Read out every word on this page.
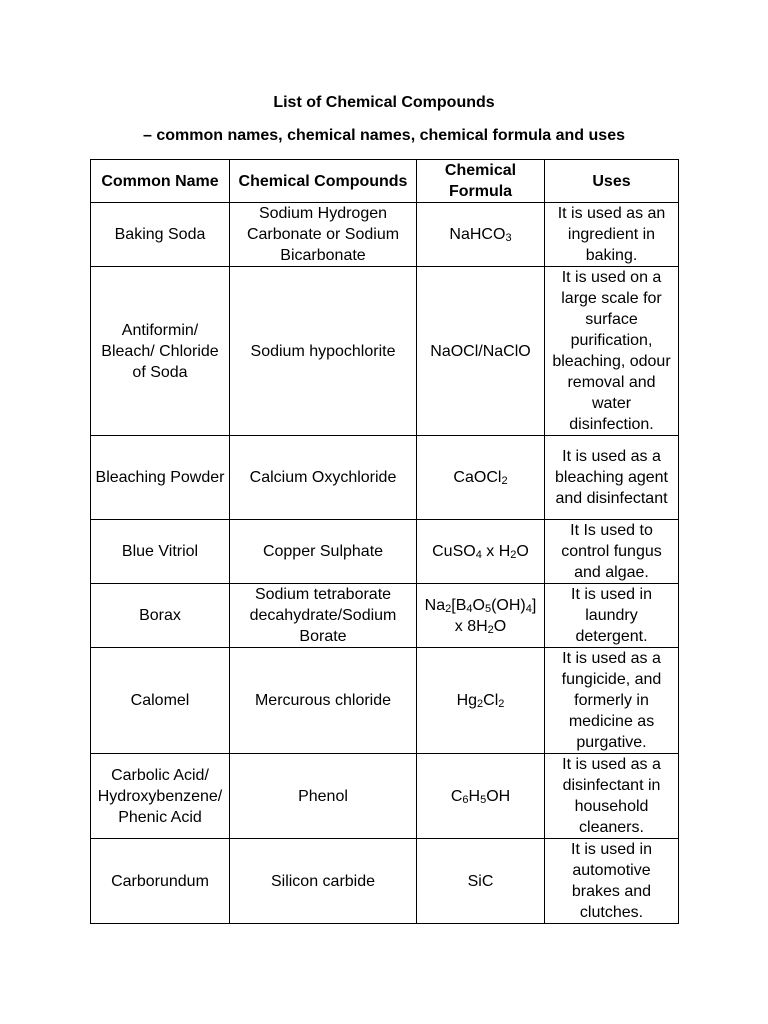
List of Chemical Compounds
– common names, chemical names, chemical formula and uses
Common Name	Chemical Compounds	Chemical Formula	Uses
Baking Soda	Sodium Hydrogen Carbonate or Sodium Bicarbonate	NaHCO$_3$	It is used as an ingredient in baking.
Antiformin/ Bleach/ Chloride of Soda	Sodium hypochlorite	NaOCl/NaClO	It is used on a large scale for surface purification, bleaching, odour removal and water disinfection.
Bleaching Powder	Calcium Oxychloride	CaOCl$_2$	It is used as a bleaching agent and disinfectant
Blue Vitriol	Copper Sulphate	CuSO$_4$ x $H_2O$	It Is used to control fungus and algae.
Borax	Sodium tetraborate decahydrate/Sodium Borate	$Na_2[B_4O_5(OH)_4]$ x $8H_2O$	It is used in laundry detergent.
Calomel	Mercurous chloride	$Hg_2Cl_2$	It is used as a fungicide, and formerly in medicine as purgative.
Carbolic Acid/ Hydroxybenzene/ Phenic Acid	Phenol	$C_6H_5OH$	It is used as a disinfectant in household cleaners.
Carborundum	Silicon carbide	SiC	It is used in automotive brakes and clutches.
